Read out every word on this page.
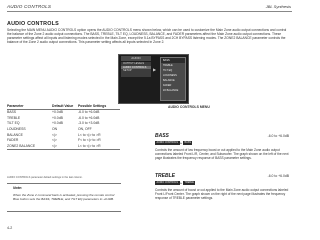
AUDIO CONTROLS	JBL Synthesis
AUDIO CONTROLS
Selecting the MAIN MENU AUDIO CONTROLS option opens the AUDIO CONTROLS menu shown below, which can be used to customize the Main Zone audio output connections and control the balance of the Zone 2 audio output connections. The BASS, TREBLE, TILT EQ, LOUDNESS, BALANCE, and FADER parameters affect the Main Zone audio output connections. These parameter settings affect all inputs and listening modes selected in the Main Zone, except the 5.1a BYPASS and 2CH BYPASS listening modes. The ZONE2 BALANCE parameter controls the balance of the Zone 2 audio output connections. This parameter setting affects all inputs selected in Zone 2.
AUDIO
OUTPUT LEVELS
AUDIO CONTROLS
SETUP	▶
BASS
TREBLE
TILT EQ
LOUDNESS
BALANCE
FADER
Z2 BALANCE
AUDIO CONTROLS MENU
Parameter	Default Value	Possible Settings
BASS	+0.0dB	-6.0 to +6.0dB
TREBLE	+0.0dB	-6.0 to +6.0dB
TILT EQ	+0.0dB	-3.0 to +3.0dB
LOUDNESS	ON	ON, OFF
BALANCE	<|>	L< to <|> to >R
FADER	<|>	F< to <|> to >R
ZONE2 BALANCE	<|>	L< to <|> to >R
AUDIO CONTROLS parameter default settings in the last column.
Note:
When the Zone 2 command bank is activated, pressing the remote control Blue button sets the BASS, TREBLE, and TILT EQ parameters to +0.0dB.
BASS	-6.0 to +6.0dB
AUDIO CONTROLS ▸	BASS
Controls the amount of low frequency boost or cut applied to the Main Zone audio output connections labeled Front L/R, Center, and Subwoofer. The graph shown on the left of the next page illustrates the frequency response of BASS parameter settings.
TREBLE	-6.0 to +6.0dB
AUDIO CONTROLS ▸	TREBLE
Controls the amount of boost or cut applied to the Main Zone audio output connections labeled Front L/Front Center. The graph shown on the right of the next page illustrates the frequency response of TREBLE parameter settings.
4-2
